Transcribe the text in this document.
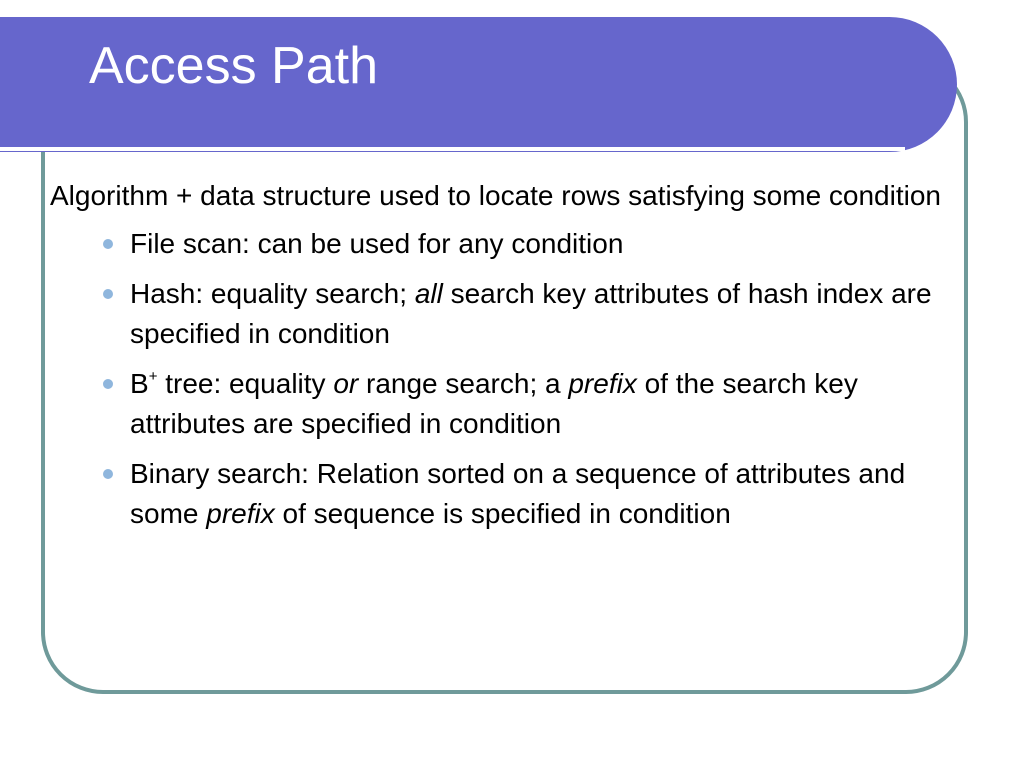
Access Path

Algorithm + data structure used to locate rows satisfying some condition

File scan: can be used for any condition
Hash: equality search; all search key attributes of hash index are specified in condition
B+ tree: equality or range search; a prefix of the search key attributes are specified in condition
Binary search: Relation sorted on a sequence of attributes and some prefix of sequence is specified in condition
